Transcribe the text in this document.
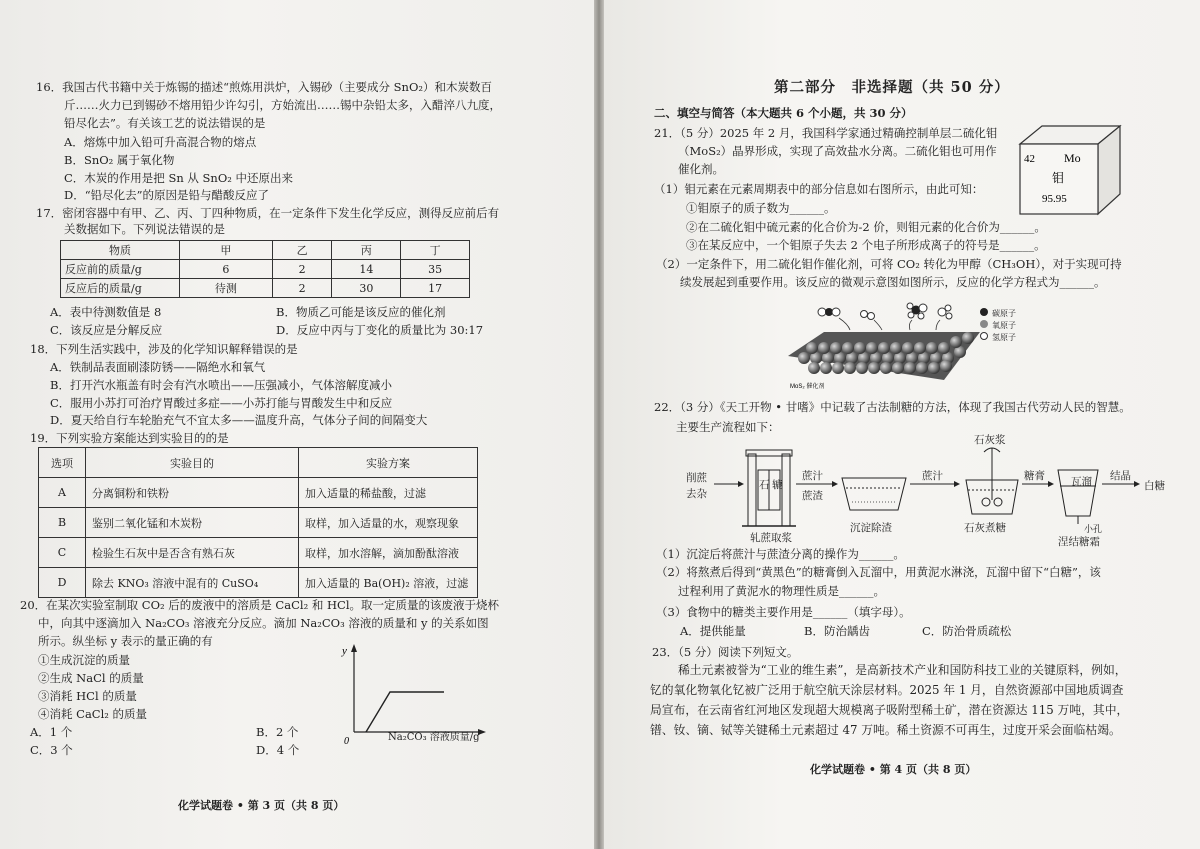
16．我国古代书籍中关于炼锡的描述“煎炼用洪炉，入锡砂（主要成分 SnO₂）和木炭数百
斤……火力已到锡砂不熔用铅少许勾引，方始流出……锡中杂铅太多，入醋淬八九度，
铅尽化去”。有关该工艺的说法错误的是
A．熔炼中加入铅可升高混合物的熔点
B．SnO₂ 属于氧化物
C．木炭的作用是把 Sn 从 SnO₂ 中还原出来
D．“铅尽化去”的原因是铅与醋酸反应了
17．密闭容器中有甲、乙、丙、丁四种物质，在一定条件下发生化学反应，测得反应前后有
关数据如下。下列说法错误的是
物质	甲	乙	丙	丁
反应前的质量/g	6	2	14	35
反应后的质量/g	待测	2	30	17
A．表中待测数值是 8	B．物质乙可能是该反应的催化剂
C．该反应是分解反应	D．反应中丙与丁变化的质量比为 30:17
18．下列生活实践中，涉及的化学知识解释错误的是
A．铁制品表面刷漆防锈——隔绝水和氧气
B．打开汽水瓶盖有时会有汽水喷出——压强减小，气体溶解度减小
C．服用小苏打可治疗胃酸过多症——小苏打能与胃酸发生中和反应
D．夏天给自行车轮胎充气不宜太多——温度升高，气体分子间的间隔变大
19．下列实验方案能达到实验目的的是
选项	实验目的	实验方案
A	分离铜粉和铁粉	加入适量的稀盐酸，过滤
B	鉴别二氧化锰和木炭粉	取样，加入适量的水，观察现象
C	检验生石灰中是否含有熟石灰	取样，加水溶解，滴加酚酞溶液
D	除去 KNO₃ 溶液中混有的 CuSO₄	加入适量的 Ba(OH)₂ 溶液，过滤
20．在某次实验室制取 CO₂ 后的废液中的溶质是 CaCl₂ 和 HCl。取一定质量的该废液于烧杯
中，向其中逐滴加入 Na₂CO₃ 溶液充分反应。滴加 Na₂CO₃ 溶液的质量和 y 的关系如图
所示。纵坐标 y 表示的量正确的有
①生成沉淀的质量
②生成 NaCl 的质量
③消耗 HCl 的质量
④消耗 CaCl₂ 的质量
A．1 个	B．2 个
C．3 个	D．4 个
y
0	Na₂CO₃ 溶液质量/g
化学试题卷 • 第 3 页（共 8 页）
第二部分　非选择题（共 50 分）
二、填空与简答（本大题共 6 个小题，共 30 分）
21．（5 分）2025 年 2 月，我国科学家通过精确控制单层二硫化钼
（MoS₂）晶界形成，实现了高效盐水分离。二硫化钼也可用作
催化剂。
42 Mo
钼
95.95
（1）钼元素在元素周期表中的部分信息如右图所示，由此可知：
①钼原子的质子数为______。
②在二硫化钼中硫元素的化合价为-2 价，则钼元素的化合价为______。
③在某反应中，一个钼原子失去 2 个电子所形成离子的符号是______。
（2）一定条件下，用二硫化钼作催化剂，可将 CO₂ 转化为甲醇（CH₃OH），对于实现可持
续发展起到重要作用。该反应的微观示意图如图所示，反应的化学方程式为______。
MoS₂ 催化剂
碳原子
氧原子
氢原子
22．（3 分）《天工开物 • 甘嗜》中记载了古法制糖的方法，体现了我国古代劳动人民的智慧。
主要生产流程如下：
削蔗
去杂
石 辘
蔗汁
蔗渣
蔗汁
石灰浆
糖膏 瓦溜
小孔
结晶
白糖
轧蔗取浆
沉淀除渣	石灰煮糖
涅结糖霜
（1）沉淀后将蔗汁与蔗渣分离的操作为______。
（2）将熬煮后得到“黄黑色”的糖膏倒入瓦溜中，用黄泥水淋浇，瓦溜中留下“白糖”，该
过程利用了黄泥水的物理性质是______。
（3）食物中的糖类主要作用是______（填字母）。
A．提供能量	B．防治龋齿	C．防治骨质疏松
23．（5 分）阅读下列短文。
稀土元素被誉为“工业的维生素”，是高新技术产业和国防科技工业的关键原料，例如，
钇的氧化物氧化钇被广泛用于航空航天涂层材料。2025 年 1 月，自然资源部中国地质调查
局宣布，在云南省红河地区发现超大规模离子吸附型稀土矿，潜在资源达 115 万吨，其中，
镨、钕、镝、铽等关键稀土元素超过 47 万吨。稀土资源不可再生，过度开采会面临枯竭。
化学试题卷 • 第 4 页（共 8 页）
